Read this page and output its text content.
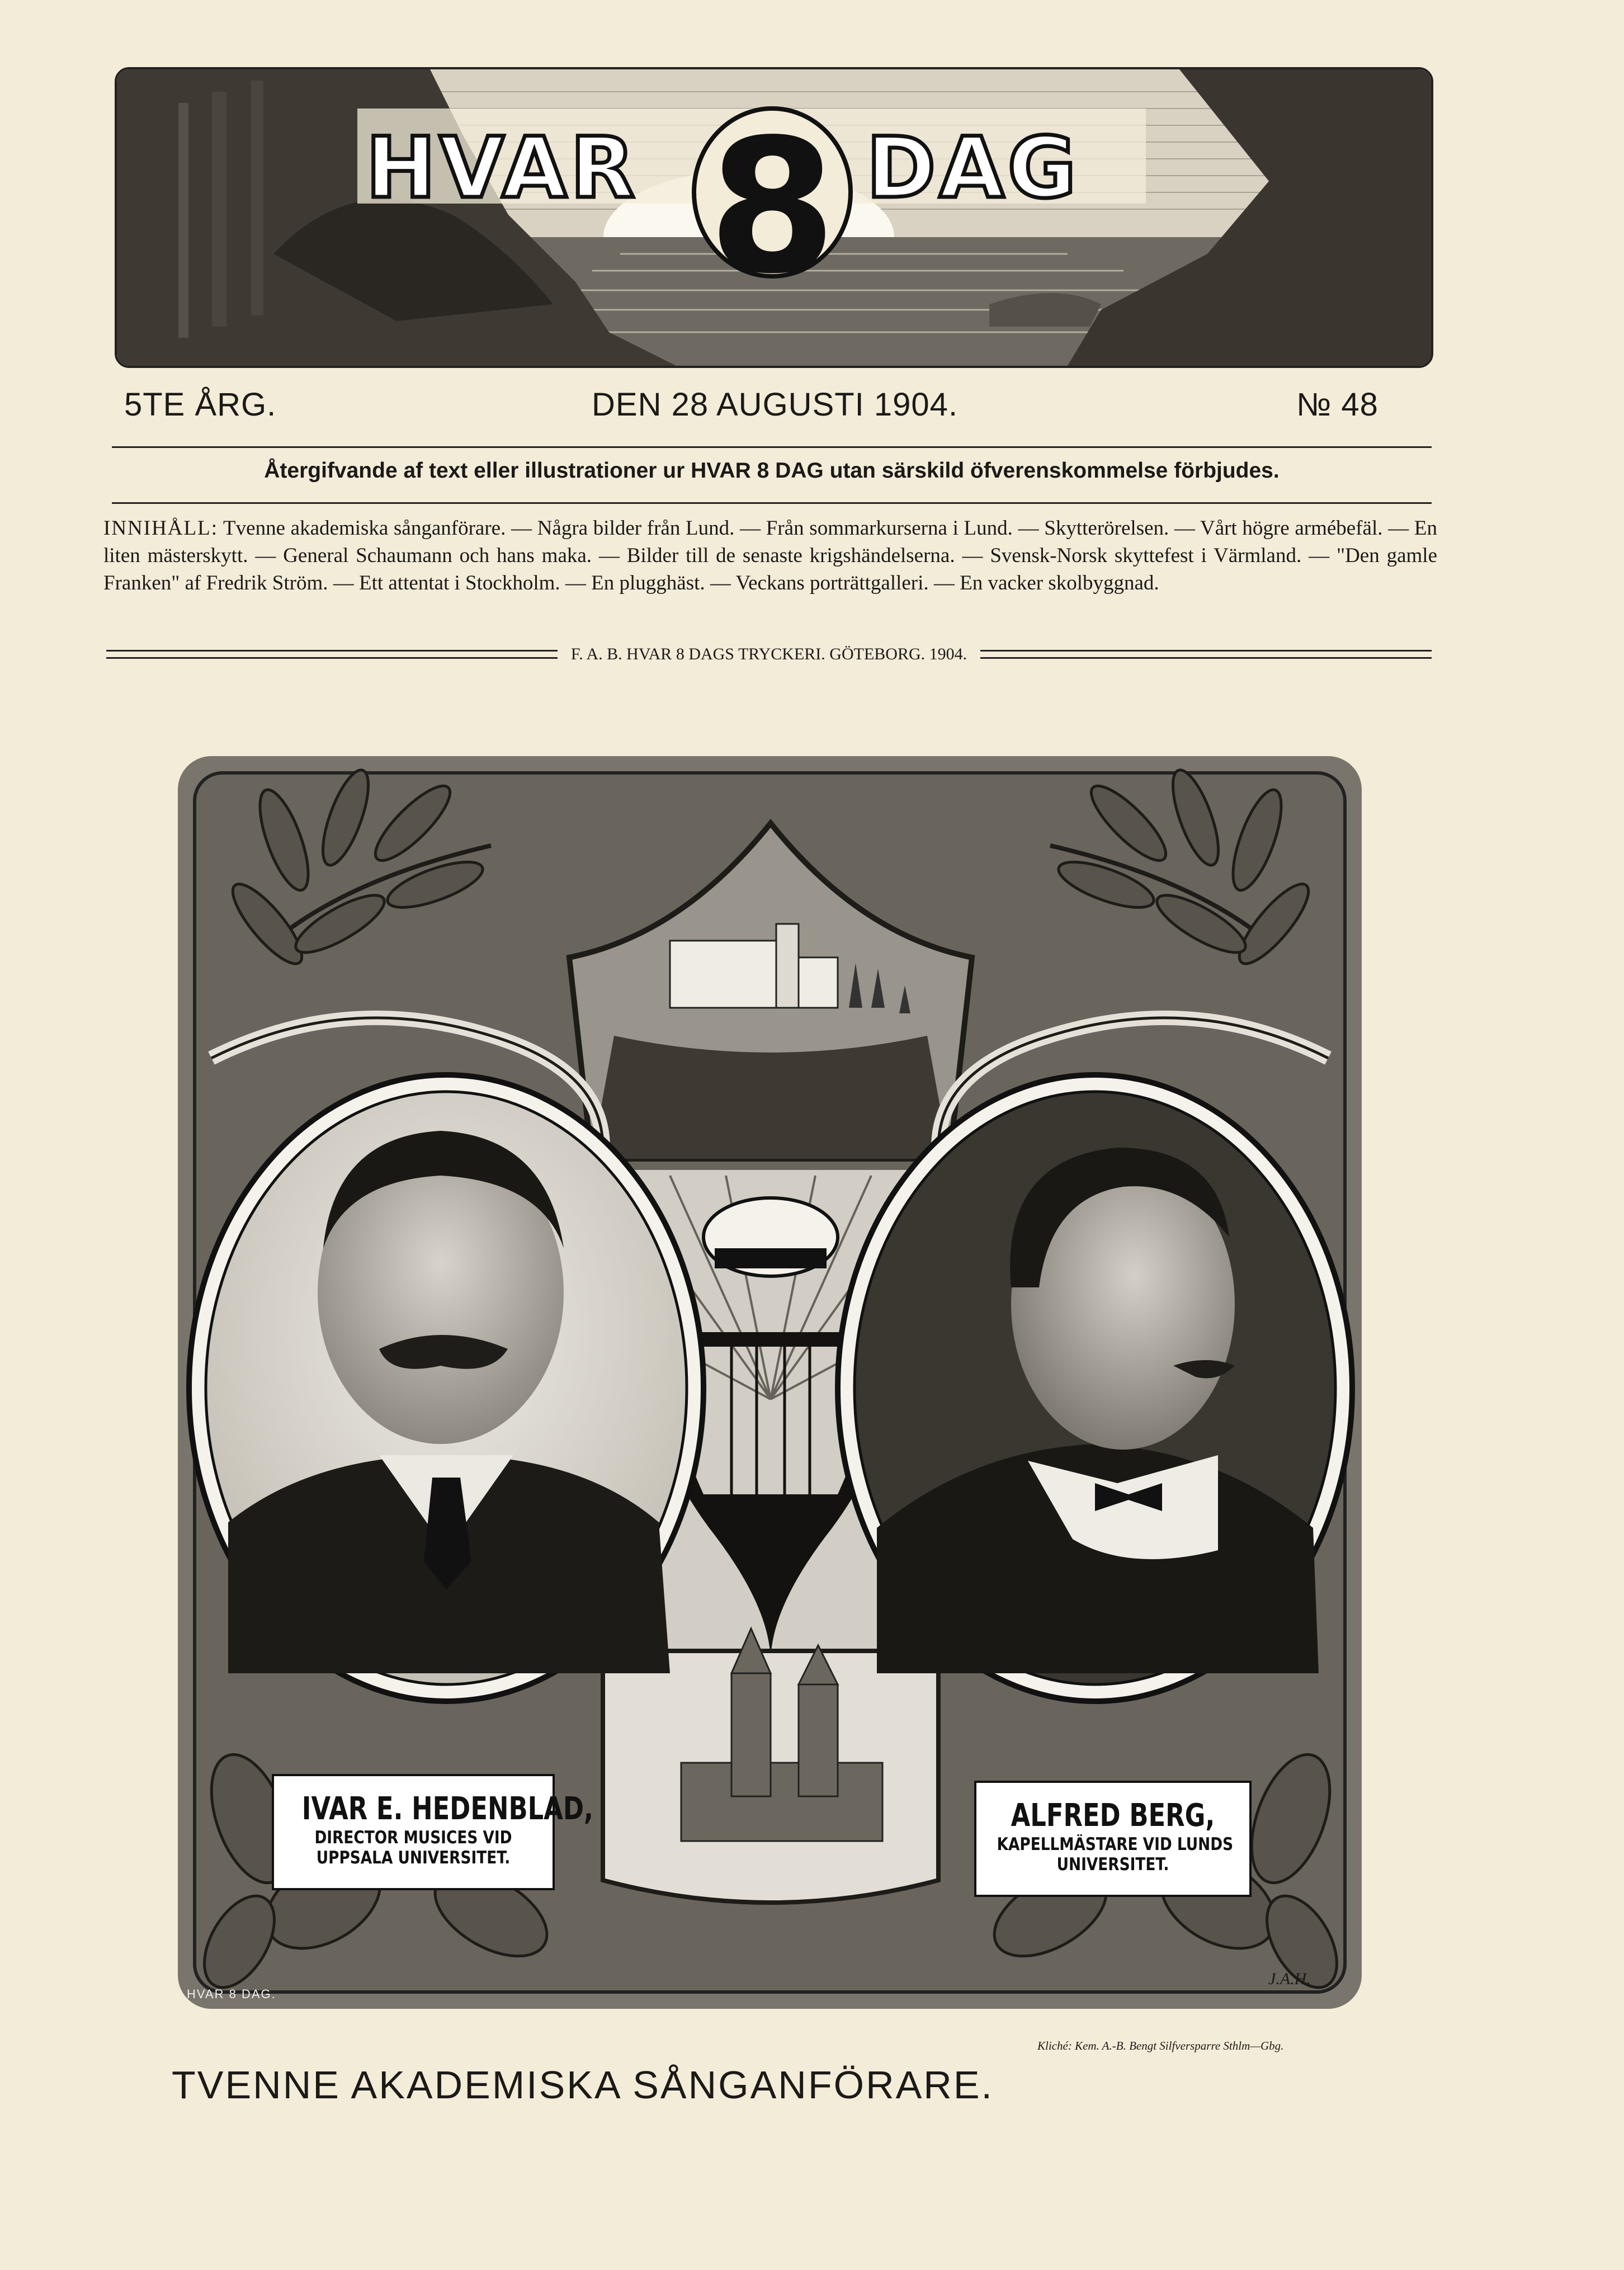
HVAR 8 DAG
5TE ÅRG.	DEN 28 AUGUSTI 1904.	№ 48
Återgifvande af text eller illustrationer ur HVAR 8 DAG utan särskild öfverenskommelse förbjudes.
INNIHÅLL: Tvenne akademiska sånganförare. — Några bilder från Lund. — Från sommarkurserna i Lund. — Skytterörelsen. — Vårt högre armébefäl. — En liten mästerskytt. — General Schaumann och hans maka. — Bilder till de senaste krigshändelserna. — Svensk-Norsk skyttefest i Värmland. — "Den gamle Franken" af Fredrik Ström. — Ett attentat i Stockholm. — En plugghäst. — Veckans porträttgalleri. — En vacker skolbyggnad.
F. A. B. HVAR 8 DAGS TRYCKERI. GÖTEBORG. 1904.
IVAR E. HEDENBLAD,
DIRECTOR MUSICES VID
UPPSALA UNIVERSITET.
ALFRED BERG,
KAPELLMÄSTARE VID LUNDS
UNIVERSITET.
HVAR 8 DAG.
J.A.H.
Kliché: Kem. A.-B. Bengt Silfversparre Sthlm—Gbg.
TVENNE AKADEMISKA SÅNGANFÖRARE.
